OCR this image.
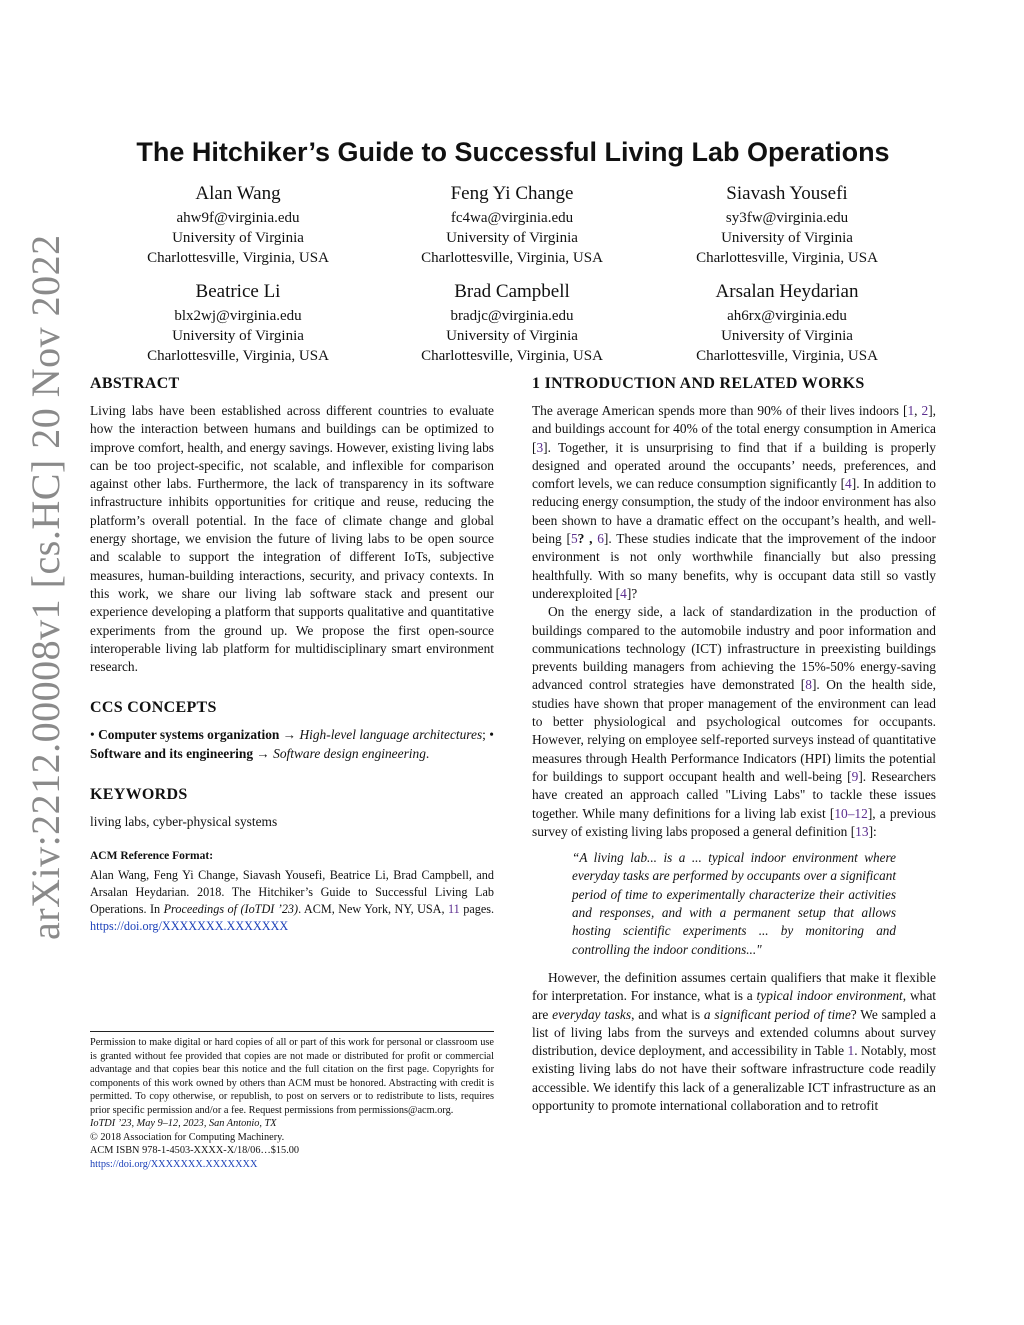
arXiv:2212.00008v1 [cs.HC] 20 Nov 2022
The Hitchiker’s Guide to Successful Living Lab Operations
Alan Wang
ahw9f@virginia.edu
University of Virginia
Charlottesville, Virginia, USA
Feng Yi Change
fc4wa@virginia.edu
University of Virginia
Charlottesville, Virginia, USA
Siavash Yousefi
sy3fw@virginia.edu
University of Virginia
Charlottesville, Virginia, USA
Beatrice Li
blx2wj@virginia.edu
University of Virginia
Charlottesville, Virginia, USA
Brad Campbell
bradjc@virginia.edu
University of Virginia
Charlottesville, Virginia, USA
Arsalan Heydarian
ah6rx@virginia.edu
University of Virginia
Charlottesville, Virginia, USA
ABSTRACT

Living labs have been established across different countries to evaluate how the interaction between humans and buildings can be optimized to improve comfort, health, and energy savings. However, existing living labs can be too project-specific, not scalable, and inflexible for comparison against other labs. Furthermore, the lack of transparency in its software infrastructure inhibits opportunities for critique and reuse, reducing the platform’s overall potential. In the face of climate change and global energy shortage, we envision the future of living labs to be open source and scalable to support the integration of different IoTs, subjective measures, human-building interactions, security, and privacy contexts. In this work, we share our living lab software stack and present our experience developing a platform that supports qualitative and quantitative experiments from the ground up. We propose the first open-source interoperable living lab platform for multidisciplinary smart environment research.

CCS CONCEPTS

• Computer systems organization → High-level language architectures; • Software and its engineering → Software design engineering.

KEYWORDS

living labs, cyber-physical systems

ACM Reference Format:

Alan Wang, Feng Yi Change, Siavash Yousefi, Beatrice Li, Brad Campbell, and Arsalan Heydarian. 2018. The Hitchiker’s Guide to Successful Living Lab Operations. In Proceedings of (IoTDI ’23). ACM, New York, NY, USA, 11 pages. https://doi.org/XXXXXXX.XXXXXXX

Permission to make digital or hard copies of all or part of this work for personal or classroom use is granted without fee provided that copies are not made or distributed for profit or commercial advantage and that copies bear this notice and the full citation on the first page. Copyrights for components of this work owned by others than ACM must be honored. Abstracting with credit is permitted. To copy otherwise, or republish, to post on servers or to redistribute to lists, requires prior specific permission and/or a fee. Request permissions from permissions@acm.org.

IoTDI ’23, May 9–12, 2023, San Antonio, TX

© 2018 Association for Computing Machinery.

ACM ISBN 978-1-4503-XXXX-X/18/06…$15.00

https://doi.org/XXXXXXX.XXXXXXX

1 INTRODUCTION AND RELATED WORKS

The average American spends more than 90% of their lives indoors [1, 2], and buildings account for 40% of the total energy consumption in America [3]. Together, it is unsurprising to find that if a building is properly designed and operated around the occupants’ needs, preferences, and comfort levels, we can reduce consumption significantly [4]. In addition to reducing energy consumption, the study of the indoor environment has also been shown to have a dramatic effect on the occupant’s health, and well-being [5? , 6]. These studies indicate that the improvement of the indoor environment is not only worthwhile financially but also pressing healthfully. With so many benefits, why is occupant data still so vastly underexploited [4]?

On the energy side, a lack of standardization in the production of buildings compared to the automobile industry and poor information and communications technology (ICT) infrastructure in preexisting buildings prevents building managers from achieving the 15%-50% energy-saving advanced control strategies have demonstrated [8]. On the health side, studies have shown that proper management of the environment can lead to better physiological and psychological outcomes for occupants. However, relying on employee self-reported surveys instead of quantitative measures through Health Performance Indicators (HPI) limits the potential for buildings to support occupant health and well-being [9]. Researchers have created an approach called "Living Labs" to tackle these issues together. While many definitions for a living lab exist [10–12], a previous survey of existing living labs proposed a general definition [13]:

“A living lab... is a ... typical indoor environment where everyday tasks are performed by occupants over a significant period of time to experimentally characterize their activities and responses, and with a permanent setup that allows hosting scientific experiments ... by monitoring and controlling the indoor conditions..."

However, the definition assumes certain qualifiers that make it flexible for interpretation. For instance, what is a typical indoor environment, what are everyday tasks, and what is a significant period of time? We sampled a list of living labs from the surveys and extended columns about survey distribution, device deployment, and accessibility in Table 1. Notably, most existing living labs do not have their software infrastructure code readily accessible. We identify this lack of a generalizable ICT infrastructure as an opportunity to promote international collaboration and to retrofit
